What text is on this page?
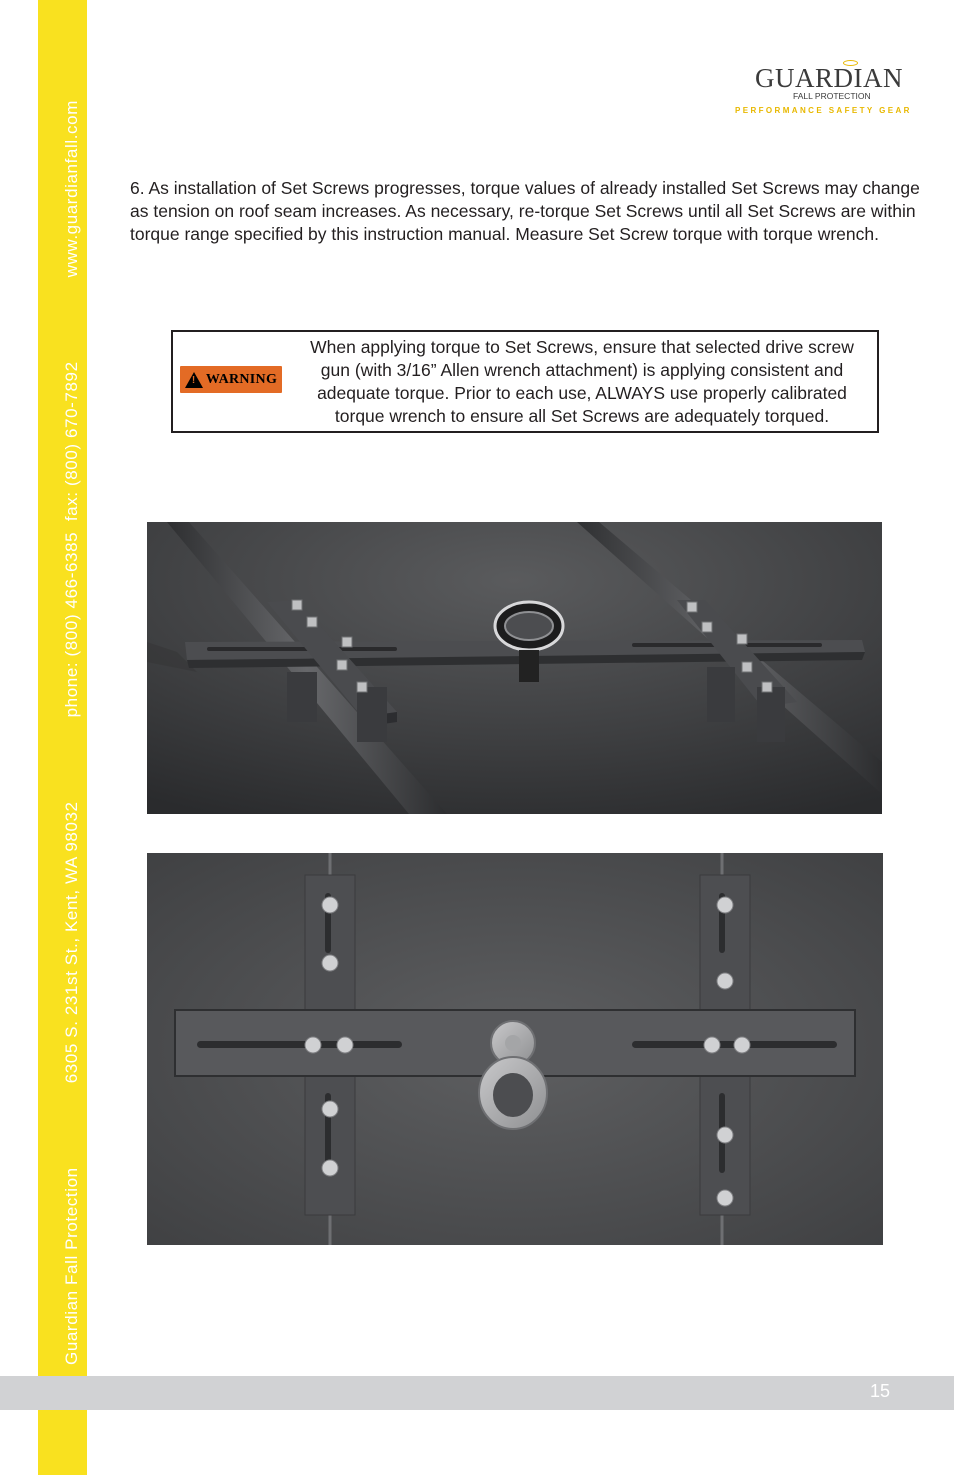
Guardian Fall Protection
6305 S. 231st St., Kent, WA 98032
phone: (800) 466-6385  fax: (800) 670-7892
www.guardianfall.com
GUARDIAN
FALL PROTECTION
PERFORMANCE SAFETY GEAR
6. As installation of Set Screws progresses, torque values of already installed Set Screws may change as tension on roof seam increases. As necessary, re-torque Set Screws until all Set Screws are within torque range specified by this instruction manual. Measure Set Screw torque with torque wrench.
! WARNING
When applying torque to Set Screws, ensure that selected drive screw gun (with 3/16” Allen wrench attachment) is applying consistent and adequate torque. Prior to each use, ALWAYS use properly calibrated torque wrench to ensure all Set Screws are adequately torqued.
15
